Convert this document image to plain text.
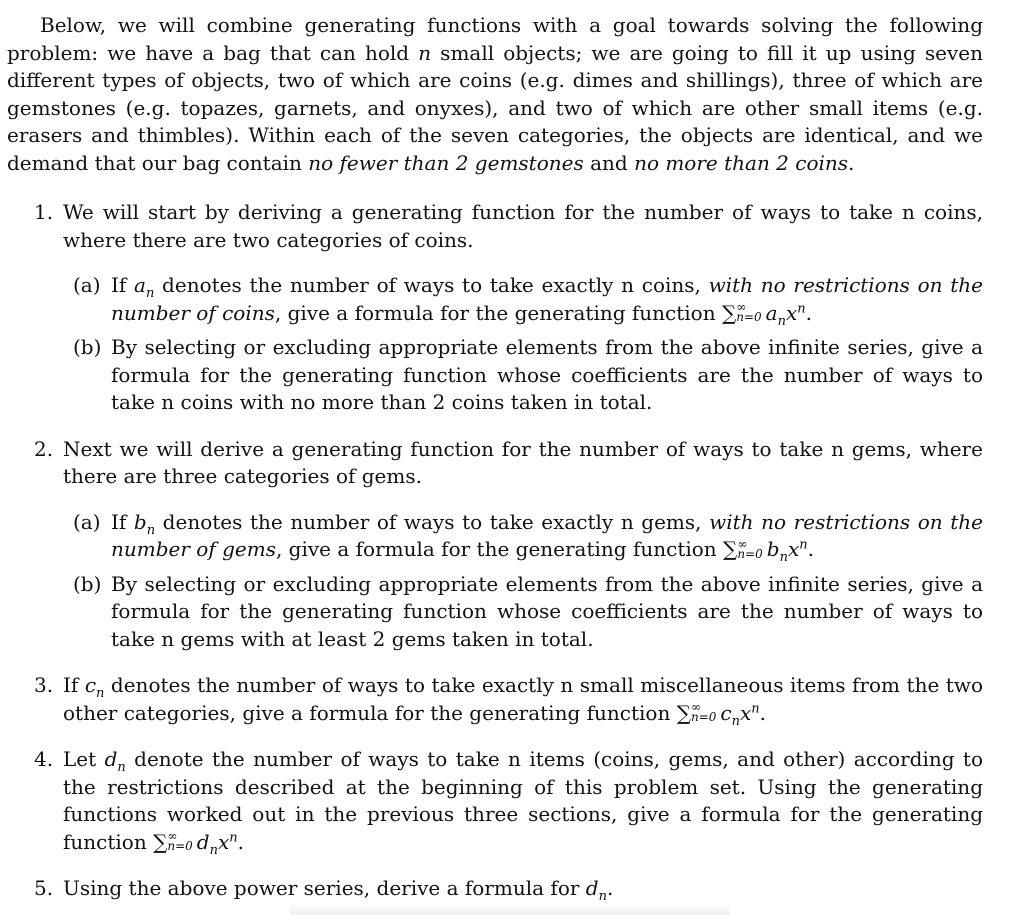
Below, we will combine generating functions with a goal towards solving the following problem: we have a bag that can hold n small objects; we are going to fill it up using seven different types of objects, two of which are coins (e.g. dimes and shillings), three of which are gemstones (e.g. topazes, garnets, and onyxes), and two of which are other small items (e.g. erasers and thimbles). Within each of the seven categories, the objects are identical, and we demand that our bag contain no fewer than 2 gemstones and no more than 2 coins.

1. We will start by deriving a generating function for the number of ways to take n coins, where there are two categories of coins.
(a) If $a_n$ denotes the number of ways to take exactly n coins, with no restrictions on the number of coins, give a formula for the generating function ∑ ∞
n=0 $a_nx^n$.
(b) By selecting or excluding appropriate elements from the above infinite series, give a formula for the generating function whose coefficients are the number of ways to take n coins with no more than 2 coins taken in total.
2. Next we will derive a generating function for the number of ways to take n gems, where there are three categories of gems.
(a) If $b_n$ denotes the number of ways to take exactly n gems, with no restrictions on the number of gems, give a formula for the generating function ∑ ∞
n=0 $b_nx^n$.
(b) By selecting or excluding appropriate elements from the above infinite series, give a formula for the generating function whose coefficients are the number of ways to take n gems with at least 2 gems taken in total.
3. If $c_n$ denotes the number of ways to take exactly n small miscellaneous items from the two other categories, give a formula for the generating function ∑ ∞
n=0 $c_nx^n$.
4. Let $d_n$ denote the number of ways to take n items (coins, gems, and other) according to the restrictions described at the beginning of this problem set. Using the generating functions worked out in the previous three sections, give a formula for the generating function ∑ ∞
n=0 $d_nx^n$.
5. Using the above power series, derive a formula for $d_n$.
